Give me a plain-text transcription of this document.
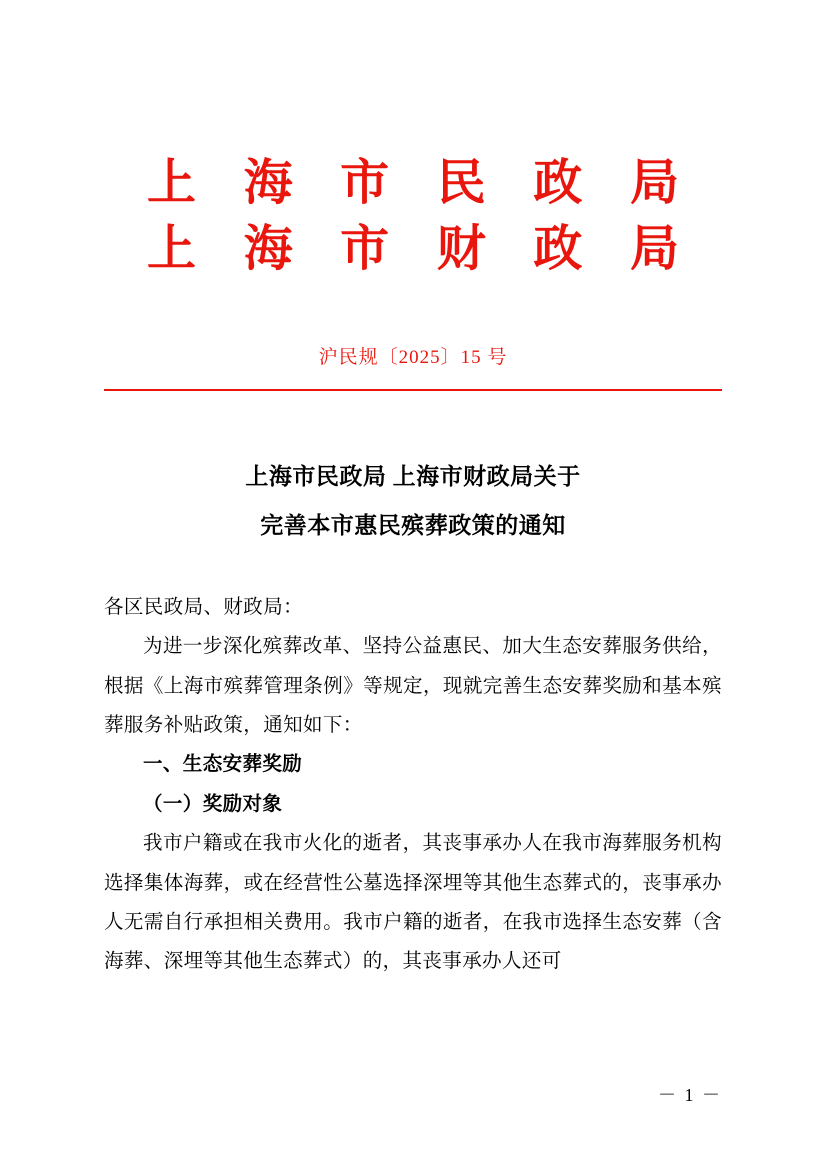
上 海 市 民 政 局
上 海 市 财 政 局
沪民规〔2025〕15 号
上海市民政局 上海市财政局关于
完善本市惠民殡葬政策的通知

各区民政局、财政局：

为进一步深化殡葬改革、坚持公益惠民、加大生态安葬服务供给，根据《上海市殡葬管理条例》等规定，现就完善生态安葬奖励和基本殡葬服务补贴政策，通知如下：

一、生态安葬奖励

（一）奖励对象

我市户籍或在我市火化的逝者，其丧事承办人在我市海葬服务机构选择集体海葬，或在经营性公墓选择深埋等其他生态葬式的，丧事承办人无需自行承担相关费用。我市户籍的逝者，在我市选择生态安葬（含海葬、深埋等其他生态葬式）的，其丧事承办人还可

－ 1 －
